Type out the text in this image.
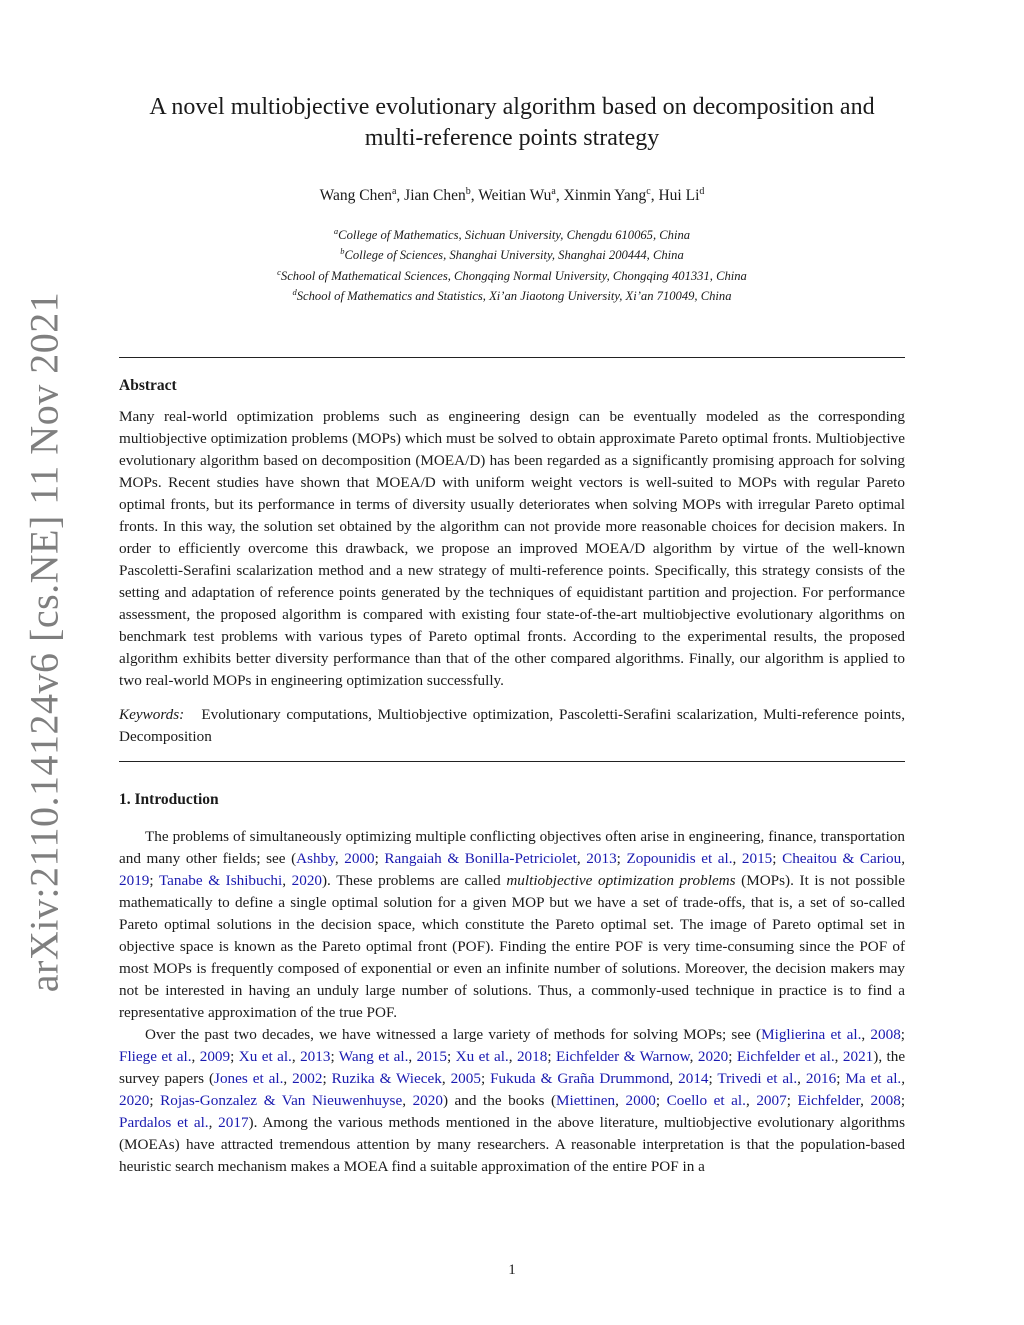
arXiv:2110.14124v6 [cs.NE] 11 Nov 2021
A novel multiobjective evolutionary algorithm based on decomposition and multi-reference points strategy
Wang Chen$^a$, Jian Chen$^b$, Weitian Wu$^a$, Xinmin Yang$^c$, Hui Li$^d$
$^a$College of Mathematics, Sichuan University, Chengdu 610065, China
$^b$College of Sciences, Shanghai University, Shanghai 200444, China
$^c$School of Mathematical Sciences, Chongqing Normal University, Chongqing 401331, China
$^d$School of Mathematics and Statistics, Xi’an Jiaotong University, Xi’an 710049, China
Abstract

Many real-world optimization problems such as engineering design can be eventually modeled as the corresponding multiobjective optimization problems (MOPs) which must be solved to obtain approximate Pareto optimal fronts. Multiobjective evolutionary algorithm based on decomposition (MOEA/D) has been regarded as a significantly promising approach for solving MOPs. Recent studies have shown that MOEA/D with uniform weight vectors is well-suited to MOPs with regular Pareto optimal fronts, but its performance in terms of diversity usually deteriorates when solving MOPs with irregular Pareto optimal fronts. In this way, the solution set obtained by the algorithm can not provide more reasonable choices for decision makers. In order to efficiently overcome this drawback, we propose an improved MOEA/D algorithm by virtue of the well-known Pascoletti-Serafini scalarization method and a new strategy of multi-reference points. Specifically, this strategy consists of the setting and adaptation of reference points generated by the techniques of equidistant partition and projection. For performance assessment, the proposed algorithm is compared with existing four state-of-the-art multiobjective evolutionary algorithms on benchmark test problems with various types of Pareto optimal fronts. According to the experimental results, the proposed algorithm exhibits better diversity performance than that of the other compared algorithms. Finally, our algorithm is applied to two real-world MOPs in engineering optimization successfully.

Keywords: Evolutionary computations, Multiobjective optimization, Pascoletti-Serafini scalarization, Multi-reference points, Decomposition
1. Introduction

The problems of simultaneously optimizing multiple conflicting objectives often arise in engineering, finance, transportation and many other fields; see (Ashby, 2000; Rangaiah & Bonilla-Petriciolet, 2013; Zopounidis et al., 2015; Cheaitou & Cariou, 2019; Tanabe & Ishibuchi, 2020). These problems are called multiobjective optimization problems (MOPs). It is not possible mathematically to define a single optimal solution for a given MOP but we have a set of trade-offs, that is, a set of so-called Pareto optimal solutions in the decision space, which constitute the Pareto optimal set. The image of Pareto optimal set in objective space is known as the Pareto optimal front (POF). Finding the entire POF is very time-consuming since the POF of most MOPs is frequently composed of exponential or even an infinite number of solutions. Moreover, the decision makers may not be interested in having an unduly large number of solutions. Thus, a commonly-used technique in practice is to find a representative approximation of the true POF.

Over the past two decades, we have witnessed a large variety of methods for solving MOPs; see (Miglierina et al., 2008; Fliege et al., 2009; Xu et al., 2013; Wang et al., 2015; Xu et al., 2018; Eichfelder & Warnow, 2020; Eichfelder et al., 2021), the survey papers (Jones et al., 2002; Ruzika & Wiecek, 2005; Fukuda & Graña Drummond, 2014; Trivedi et al., 2016; Ma et al., 2020; Rojas-Gonzalez & Van Nieuwenhuyse, 2020) and the books (Miettinen, 2000; Coello et al., 2007; Eichfelder, 2008; Pardalos et al., 2017). Among the various methods mentioned in the above literature, multiobjective evolutionary algorithms (MOEAs) have attracted tremendous attention by many researchers. A reasonable interpretation is that the population-based heuristic search mechanism makes a MOEA find a suitable approximation of the entire POF in a

1
